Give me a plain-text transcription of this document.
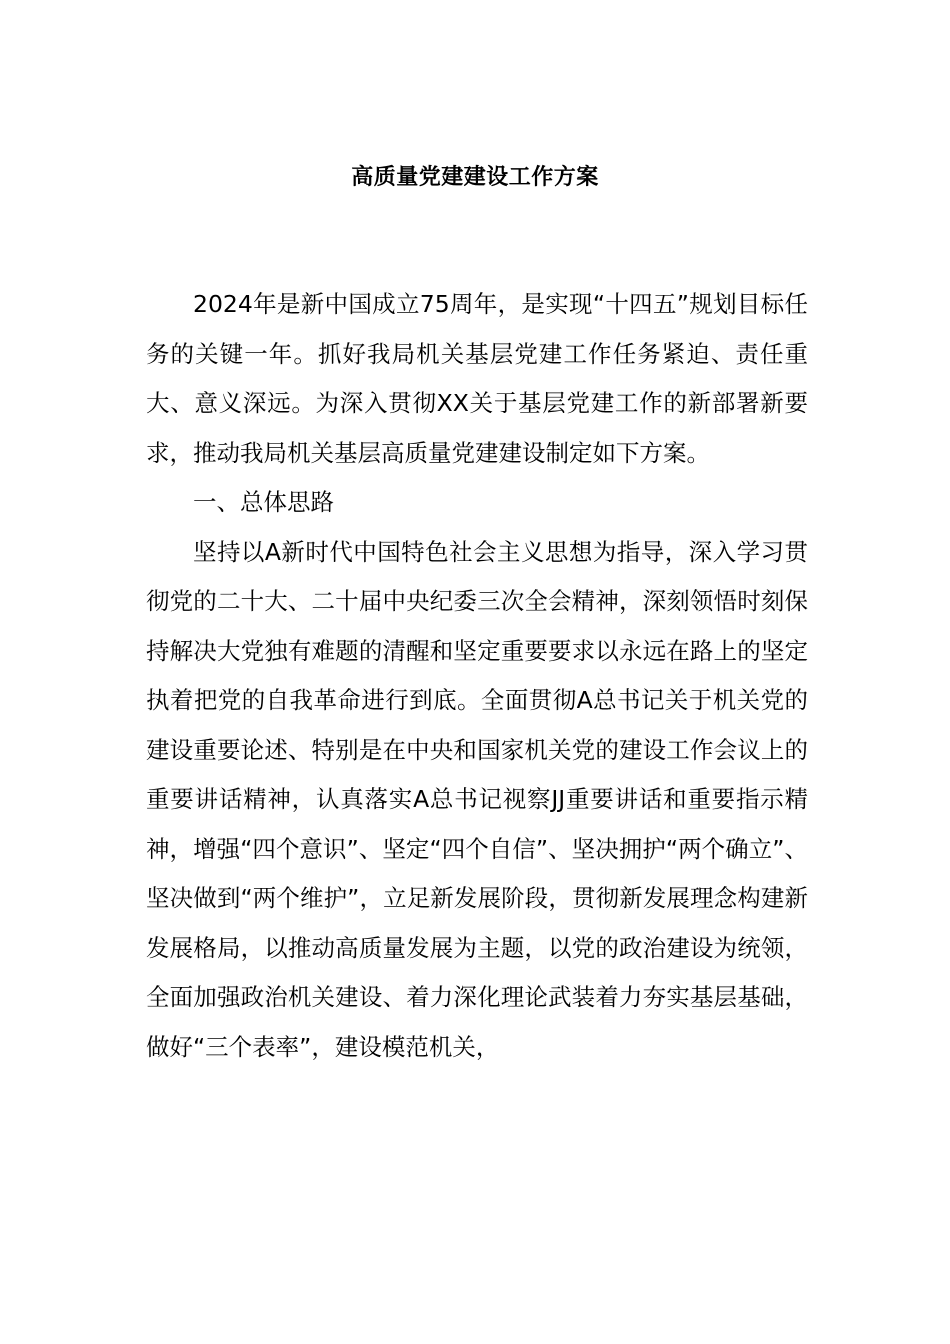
高质量党建建设工作方案

2024年是新中国成立75周年，是实现“十四五”规划目标任务的关键一年。抓好我局机关基层党建工作任务紧迫、责任重大、意义深远。为深入贯彻XX关于基层党建工作的新部署新要求，推动我局机关基层高质量党建建设制定如下方案。

一、总体思路

坚持以A新时代中国特色社会主义思想为指导，深入学习贯彻党的二十大、二十届中央纪委三次全会精神，深刻领悟时刻保持解决大党独有难题的清醒和坚定重要要求以永远在路上的坚定执着把党的自我革命进行到底。全面贯彻A总书记关于机关党的建设重要论述、特别是在中央和国家机关党的建设工作会议上的重要讲话精神，认真落实A总书记视察JJ重要讲话和重要指示精神，增强“四个意识”、坚定“四个自信”、坚决拥护“两个确立”、坚决做到“两个维护”，立足新发展阶段，贯彻新发展理念构建新发展格局，以推动高质量发展为主题，以党的政治建设为统领，全面加强政治机关建设、着力深化理论武装着力夯实基层基础，做好“三个表率”，建设模范机关，
